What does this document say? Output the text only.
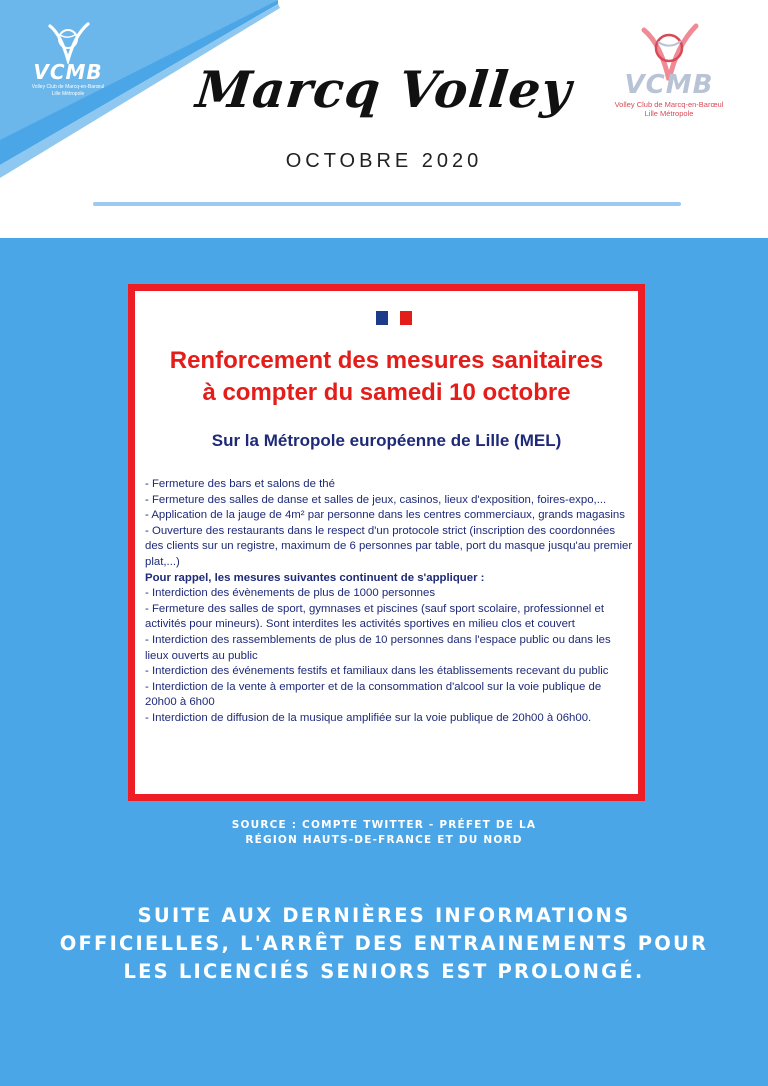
VCMB
Volley Club de Marcq-en-Barœul
Lille Métropole	Marcq Volley
OCTOBRE 2020
VCMB
Volley Club de Marcq-en-Barœul
Lille Métropole
Renforcement des mesures sanitaires
à compter du samedi 10 octobre
Sur la Métropole européenne de Lille (MEL)
- Fermeture des bars et salons de thé
- Fermeture des salles de danse et salles de jeux, casinos, lieux d'exposition, foires-expo,...
- Application de la jauge de 4m² par personne dans les centres commerciaux, grands magasins
- Ouverture des restaurants dans le respect d'un protocole strict (inscription des coordonnées des clients sur un registre, maximum de 6 personnes par table, port du masque jusqu'au premier plat,...)
Pour rappel, les mesures suivantes continuent de s'appliquer :
- Interdiction des évènements de plus de 1000 personnes
- Fermeture des salles de sport, gymnases et piscines (sauf sport scolaire, professionnel et activités pour mineurs). Sont interdites les activités sportives en milieu clos et couvert
- Interdiction des rassemblements de plus de 10 personnes dans l'espace public ou dans les lieux ouverts au public
- Interdiction des événements festifs et familiaux dans les établissements recevant du public
- Interdiction de la vente à emporter et de la consommation d'alcool sur la voie publique de 20h00 à 6h00
- Interdiction de diffusion de la musique amplifiée sur la voie publique de 20h00 à 06h00.
SOURCE : COMPTE TWITTER - PRÉFET DE LA
RÉGION HAUTS-DE-FRANCE ET DU NORD
SUITE AUX DERNIÈRES INFORMATIONS
OFFICIELLES, L'ARRÊT DES ENTRAINEMENTS POUR
LES LICENCIÉS SENIORS EST PROLONGÉ.
